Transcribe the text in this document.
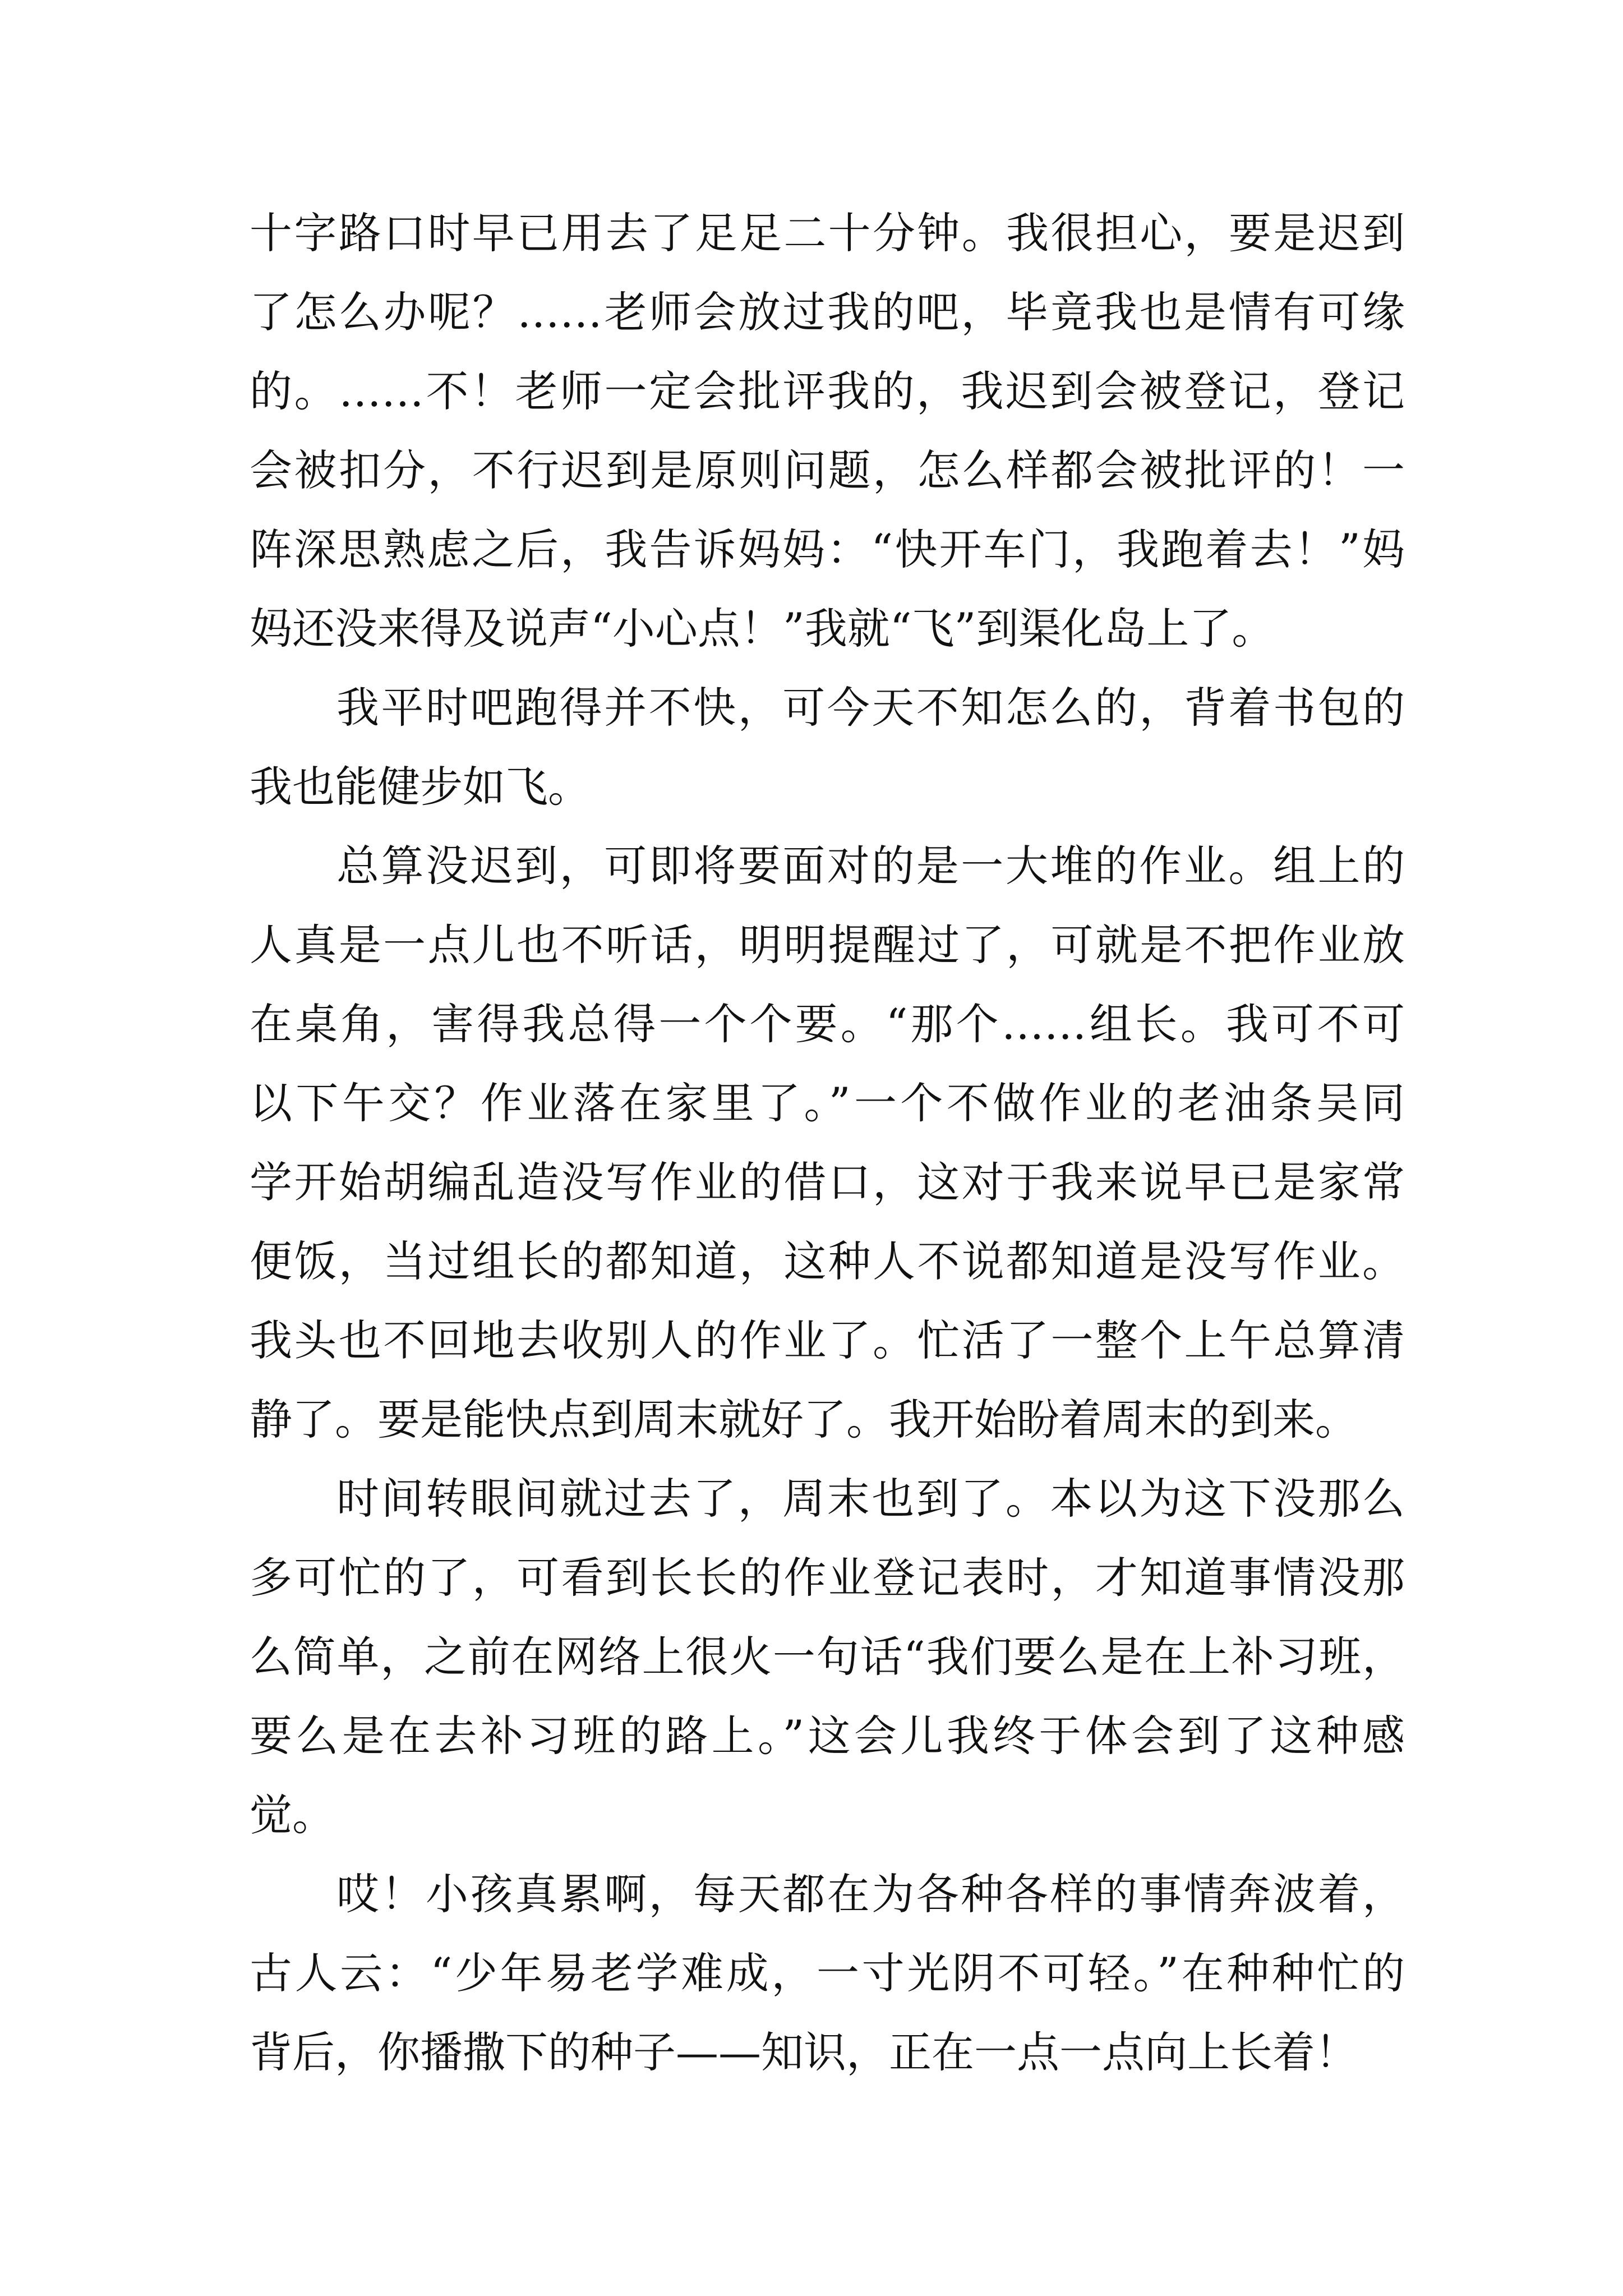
十字路口时早已用去了足足二十分钟。我很担心，要是迟到
了怎么办呢？……老师会放过我的吧，毕竟我也是情有可缘
的。……不！老师一定会批评我的，我迟到会被登记，登记
会被扣分，不行迟到是原则问题，怎么样都会被批评的！一
阵深思熟虑之后，我告诉妈妈：“快开车门，我跑着去！”妈
妈还没来得及说声“小心点！”我就“飞”到渠化岛上了。
我平时吧跑得并不快，可今天不知怎么的，背着书包的
我也能健步如飞。
总算没迟到，可即将要面对的是一大堆的作业。组上的
人真是一点儿也不听话，明明提醒过了，可就是不把作业放
在桌角，害得我总得一个个要。“那个……组长。我可不可
以下午交？作业落在家里了。”一个不做作业的老油条吴同
学开始胡编乱造没写作业的借口，这对于我来说早已是家常
便饭，当过组长的都知道，这种人不说都知道是没写作业。
我头也不回地去收别人的作业了。忙活了一整个上午总算清
静了。要是能快点到周末就好了。我开始盼着周末的到来。
时间转眼间就过去了，周末也到了。本以为这下没那么
多可忙的了，可看到长长的作业登记表时，才知道事情没那
么简单，之前在网络上很火一句话“我们要么是在上补习班，
要么是在去补习班的路上。”这会儿我终于体会到了这种感
觉。
哎！小孩真累啊，每天都在为各种各样的事情奔波着，
古人云：“少年易老学难成，一寸光阴不可轻。”在种种忙的
背后，你播撒下的种子——知识，正在一点一点向上长着！
